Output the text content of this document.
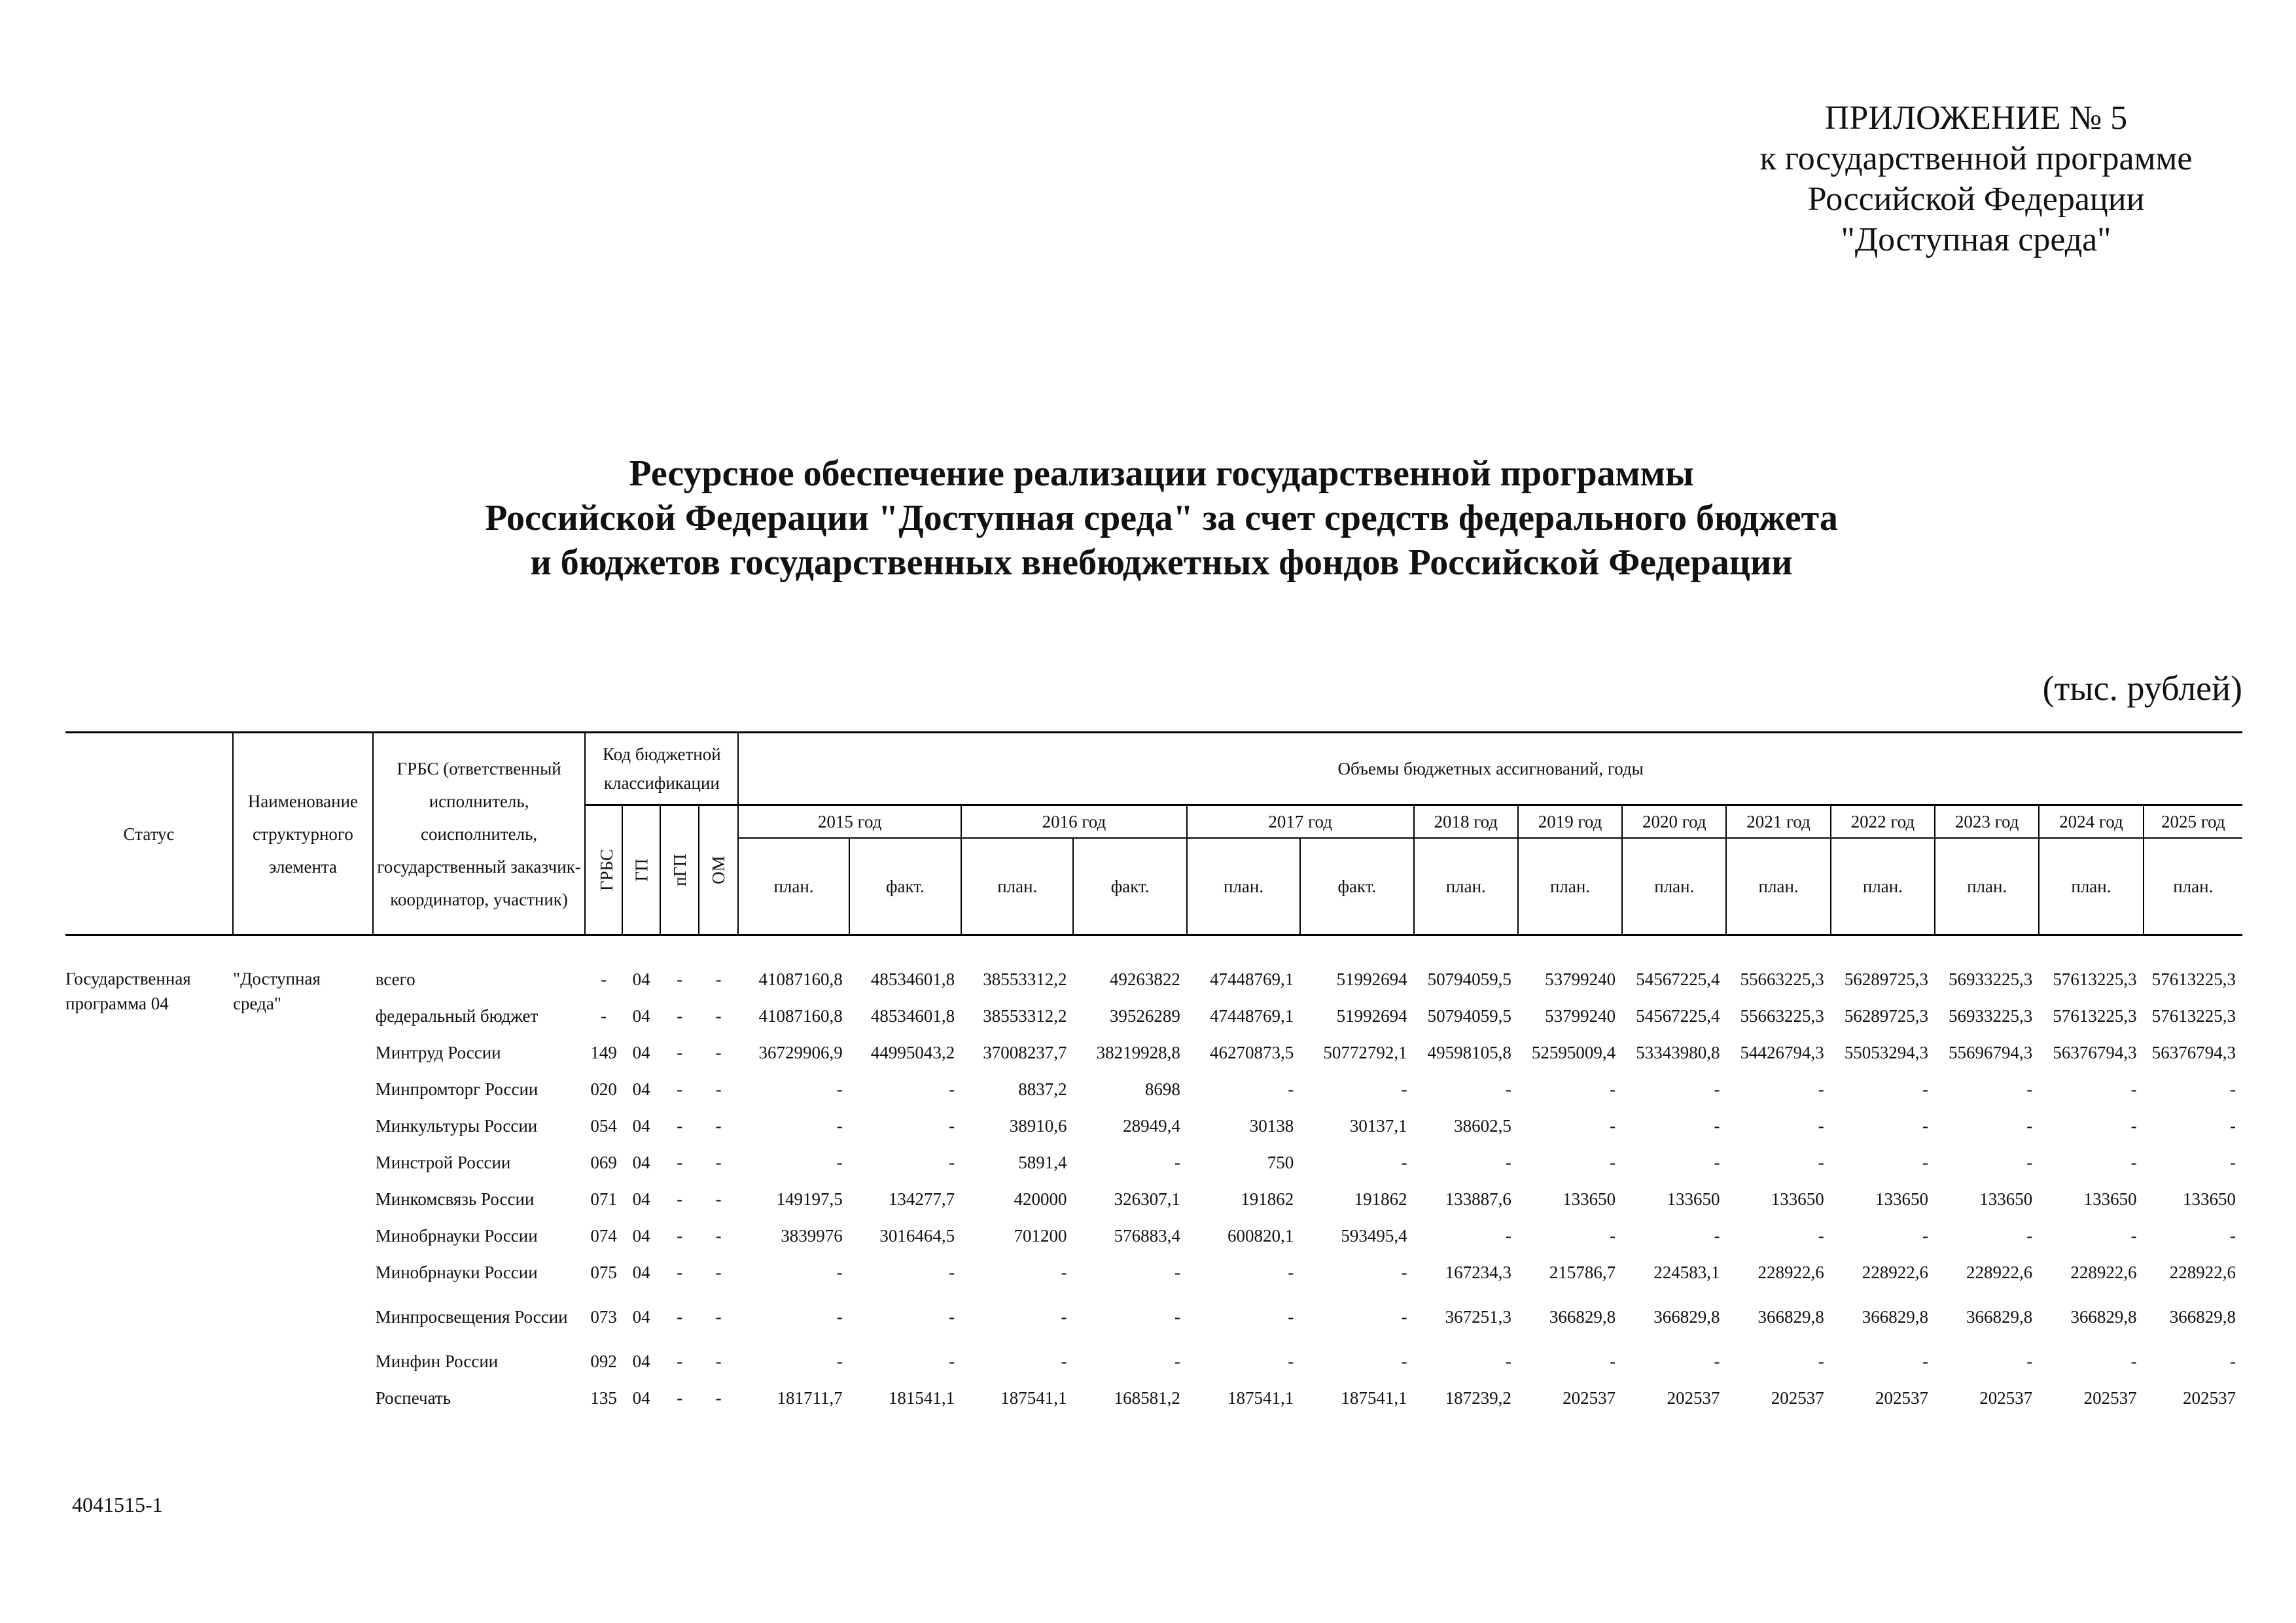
ПРИЛОЖЕНИЕ № 5
к государственной программе
Российской Федерации
"Доступная среда"
Ресурсное обеспечение реализации государственной программы
Российской Федерации "Доступная среда" за счет средств федерального бюджета
и бюджетов государственных внебюджетных фондов Российской Федерации
(тыс. рублей)
Статус	Наименование структурного элемента	ГРБС (ответственный исполнитель, соисполнитель, государственный заказчик-координатор, участник)	Код бюджетной классификации				Объемы бюджетных ассигнований, годы													
			ГРБС	ГП	пГП	ОМ	2015 год		2016 год		2017 год		2018 год	2019 год	2020 год	2021 год	2022 год	2023 год	2024 год	2025 год
							план.	факт.	план.	факт.	план.	факт.	план.	план.	план.	план.	план.	план.	план.	план.

Государственная программа 04	"Доступная среда"	всего	-	04	-	-	41087160,8	48534601,8	38553312,2	49263822	47448769,1	51992694	50794059,5	53799240	54567225,4	55663225,3	56289725,3	56933225,3	57613225,3	57613225,3
		федеральный бюджет	-	04	-	-	41087160,8	48534601,8	38553312,2	39526289	47448769,1	51992694	50794059,5	53799240	54567225,4	55663225,3	56289725,3	56933225,3	57613225,3	57613225,3
		Минтруд России	149	04	-	-	36729906,9	44995043,2	37008237,7	38219928,8	46270873,5	50772792,1	49598105,8	52595009,4	53343980,8	54426794,3	55053294,3	55696794,3	56376794,3	56376794,3
		Минпромторг России	020	04	-	-	-	-	8837,2	8698	-	-	-	-	-	-	-	-	-	-
		Минкультуры России	054	04	-	-	-	-	38910,6	28949,4	30138	30137,1	38602,5	-	-	-	-	-	-	-
		Минстрой России	069	04	-	-	-	-	5891,4	-	750	-	-	-	-	-	-	-	-	-
		Минкомсвязь России	071	04	-	-	149197,5	134277,7	420000	326307,1	191862	191862	133887,6	133650	133650	133650	133650	133650	133650	133650
		Минобрнауки России	074	04	-	-	3839976	3016464,5	701200	576883,4	600820,1	593495,4	-	-	-	-	-	-	-	-
		Минобрнауки России	075	04	-	-	-	-	-	-	-	-	167234,3	215786,7	224583,1	228922,6	228922,6	228922,6	228922,6	228922,6
		Минпросвещения России	073	04	-	-	-	-	-	-	-	-	367251,3	366829,8	366829,8	366829,8	366829,8	366829,8	366829,8	366829,8
		Минфин России	092	04	-	-	-	-	-	-	-	-	-	-	-	-	-	-	-	-
		Роспечать	135	04	-	-	181711,7	181541,1	187541,1	168581,2	187541,1	187541,1	187239,2	202537	202537	202537	202537	202537	202537	202537
4041515-1
